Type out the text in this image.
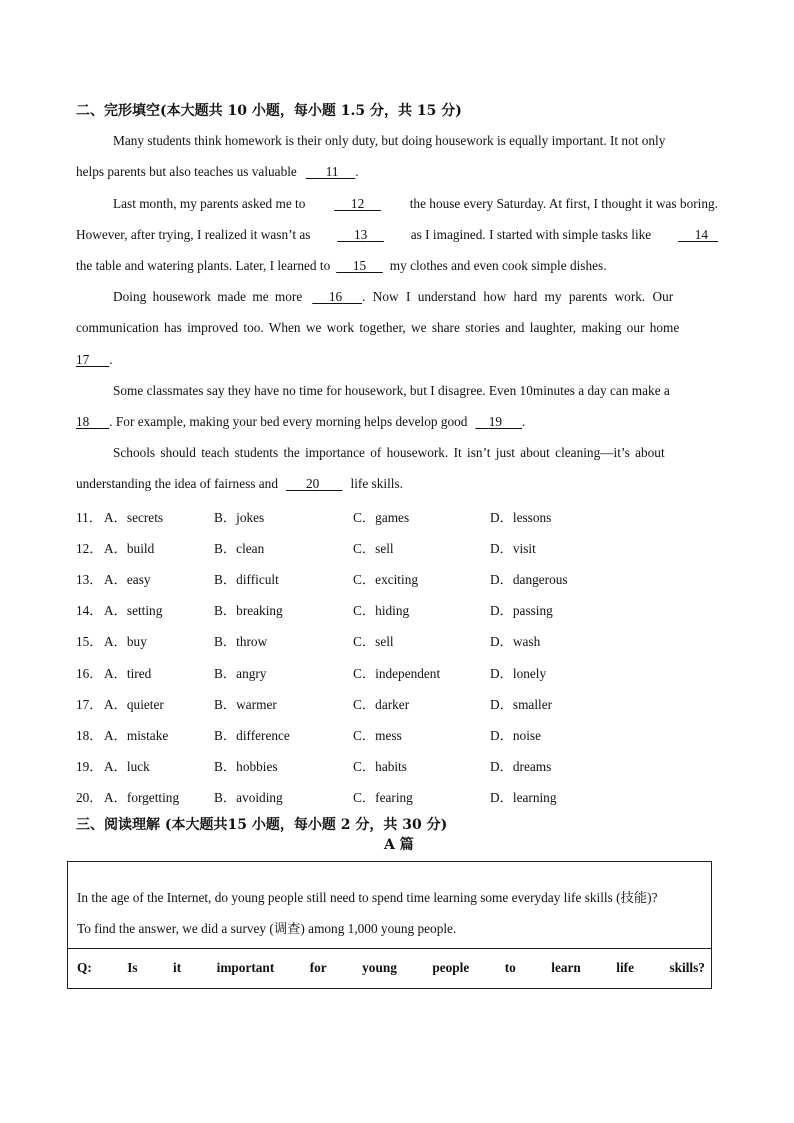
二、完形填空(本大题共 10 小题，每小题 1.5 分，共 15 分)
Many students think homework is their only duty, but doing housework is equally important. It not only
helps parents but also teaches us valuable	11	.
Last month, my parents asked me to	12	the house every Saturday. At first, I thought it was boring.
However, after trying, I realized it wasn’t as	13	as I imagined. I started with simple tasks like	14
the table and watering plants. Later, I learned to	15	my clothes and even cook simple dishes.
Doing housework made me more	16	. Now I understand how hard my parents work. Our
communication has improved too. When we work together, we share stories and laughter, making our home
17	.
Some classmates say they have no time for housework, but I disagree. Even 10minutes a day can make a
18	. For example, making your bed every morning helps develop good	19	.
Schools should teach students the importance of housework. It isn’t just about cleaning—it’s about
understanding the idea of fairness and	20	life skills.
11． A．secrets	B．jokes	C．games	D．lessons
12． A．build	B．clean	C．sell	D．visit
13． A．easy	B．difficult	C．exciting	D．dangerous
14． A．setting	B．breaking	C．hiding	D．passing
15． A．buy	B．throw	C．sell	D．wash
16． A．tired	B．angry	C．independent	D．lonely
17． A．quieter	B．warmer	C．darker	D．smaller
18． A．mistake	B．difference	C．mess	D．noise
19． A．luck	B．hobbies	C．habits	D．dreams
20． A．forgetting	B．avoiding	C．fearing	D．learning
三、阅读理解 (本大题共15 小题，每小题 2 分，共 30 分)
A 篇
In the age of the Internet, do young people still need to spend time learning some everyday life skills (技能)?
To find the answer, we did a survey (调查) among 1,000 young people.
Q:	Is	it	important	for	young	people	to	learn	life	skills?
